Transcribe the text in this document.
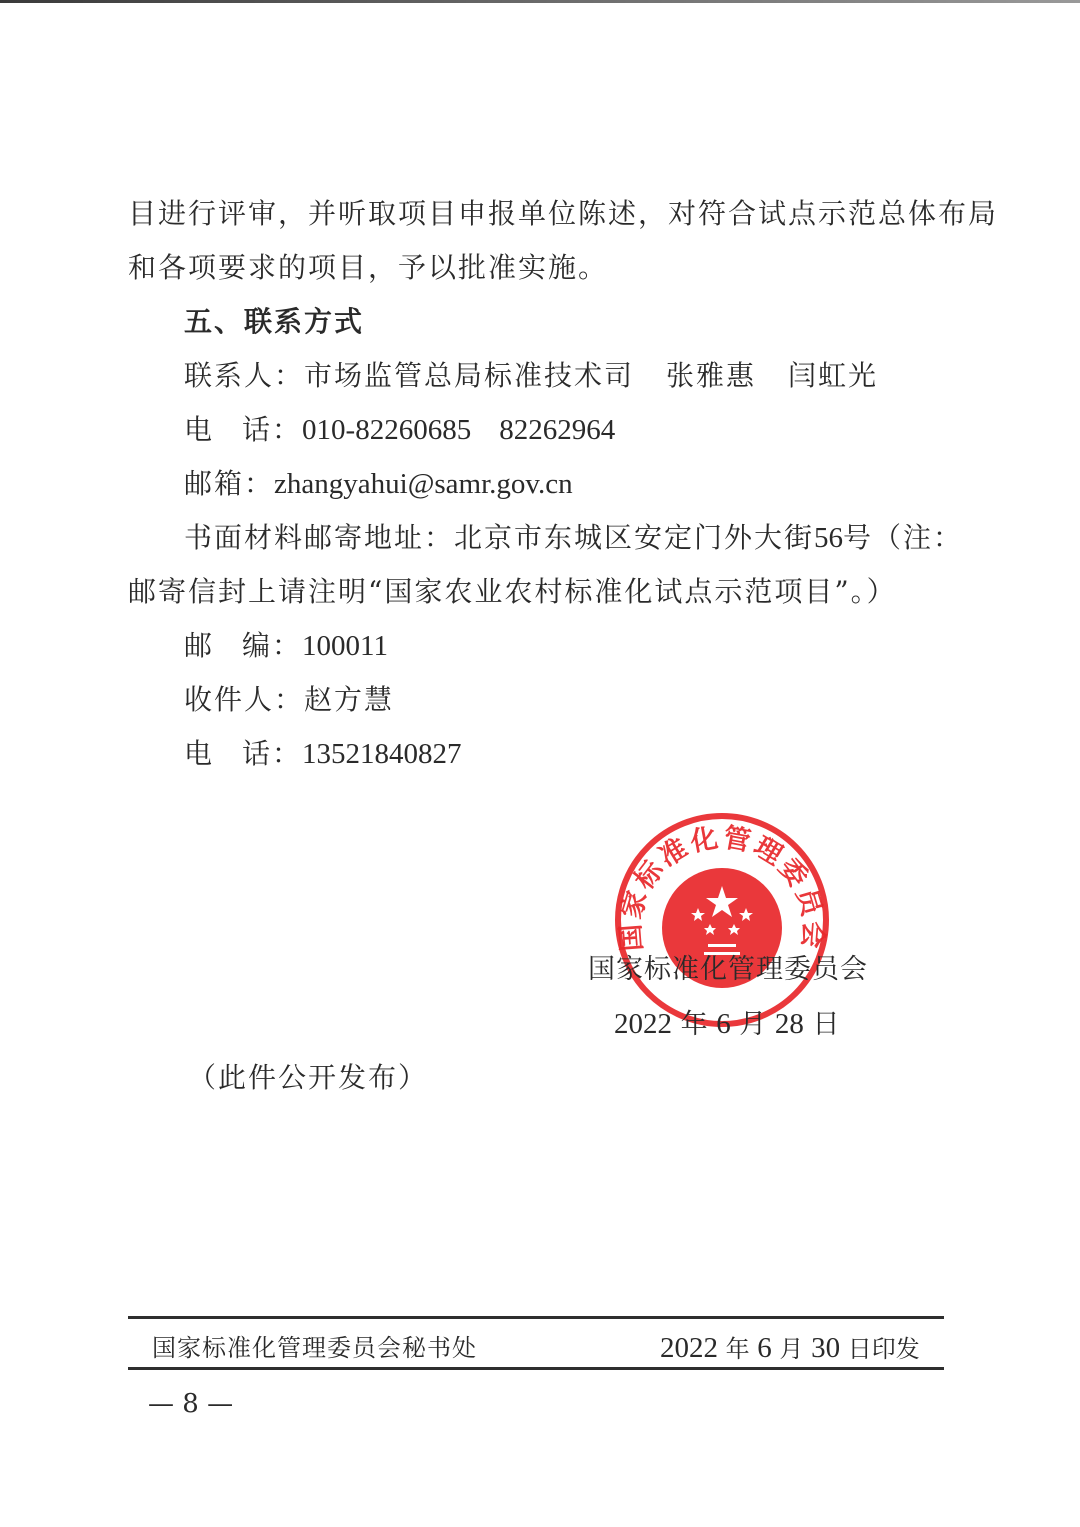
目进行评审，并听取项目申报单位陈述，对符合试点示范总体布局
和各项要求的项目，予以批准实施。
五、联系方式
联系人：市场监管总局标准技术司 张雅惠 闫虹光
电 话：010-82260685 82262964
邮箱：zhangyahui@samr.gov.cn
书面材料邮寄地址：北京市东城区安定门外大街56号（注：
邮寄信封上请注明“国家农业农村标准化试点示范项目”。）
邮 编：100011
收件人：赵方慧
电 话：13521840827
国家标准化管理委员会
国家标准化管理委员会
2022 年 6 月 28 日
（此件公开发布）
国家标准化管理委员会秘书处	2022 年 6 月 30 日印发
— 8 —
